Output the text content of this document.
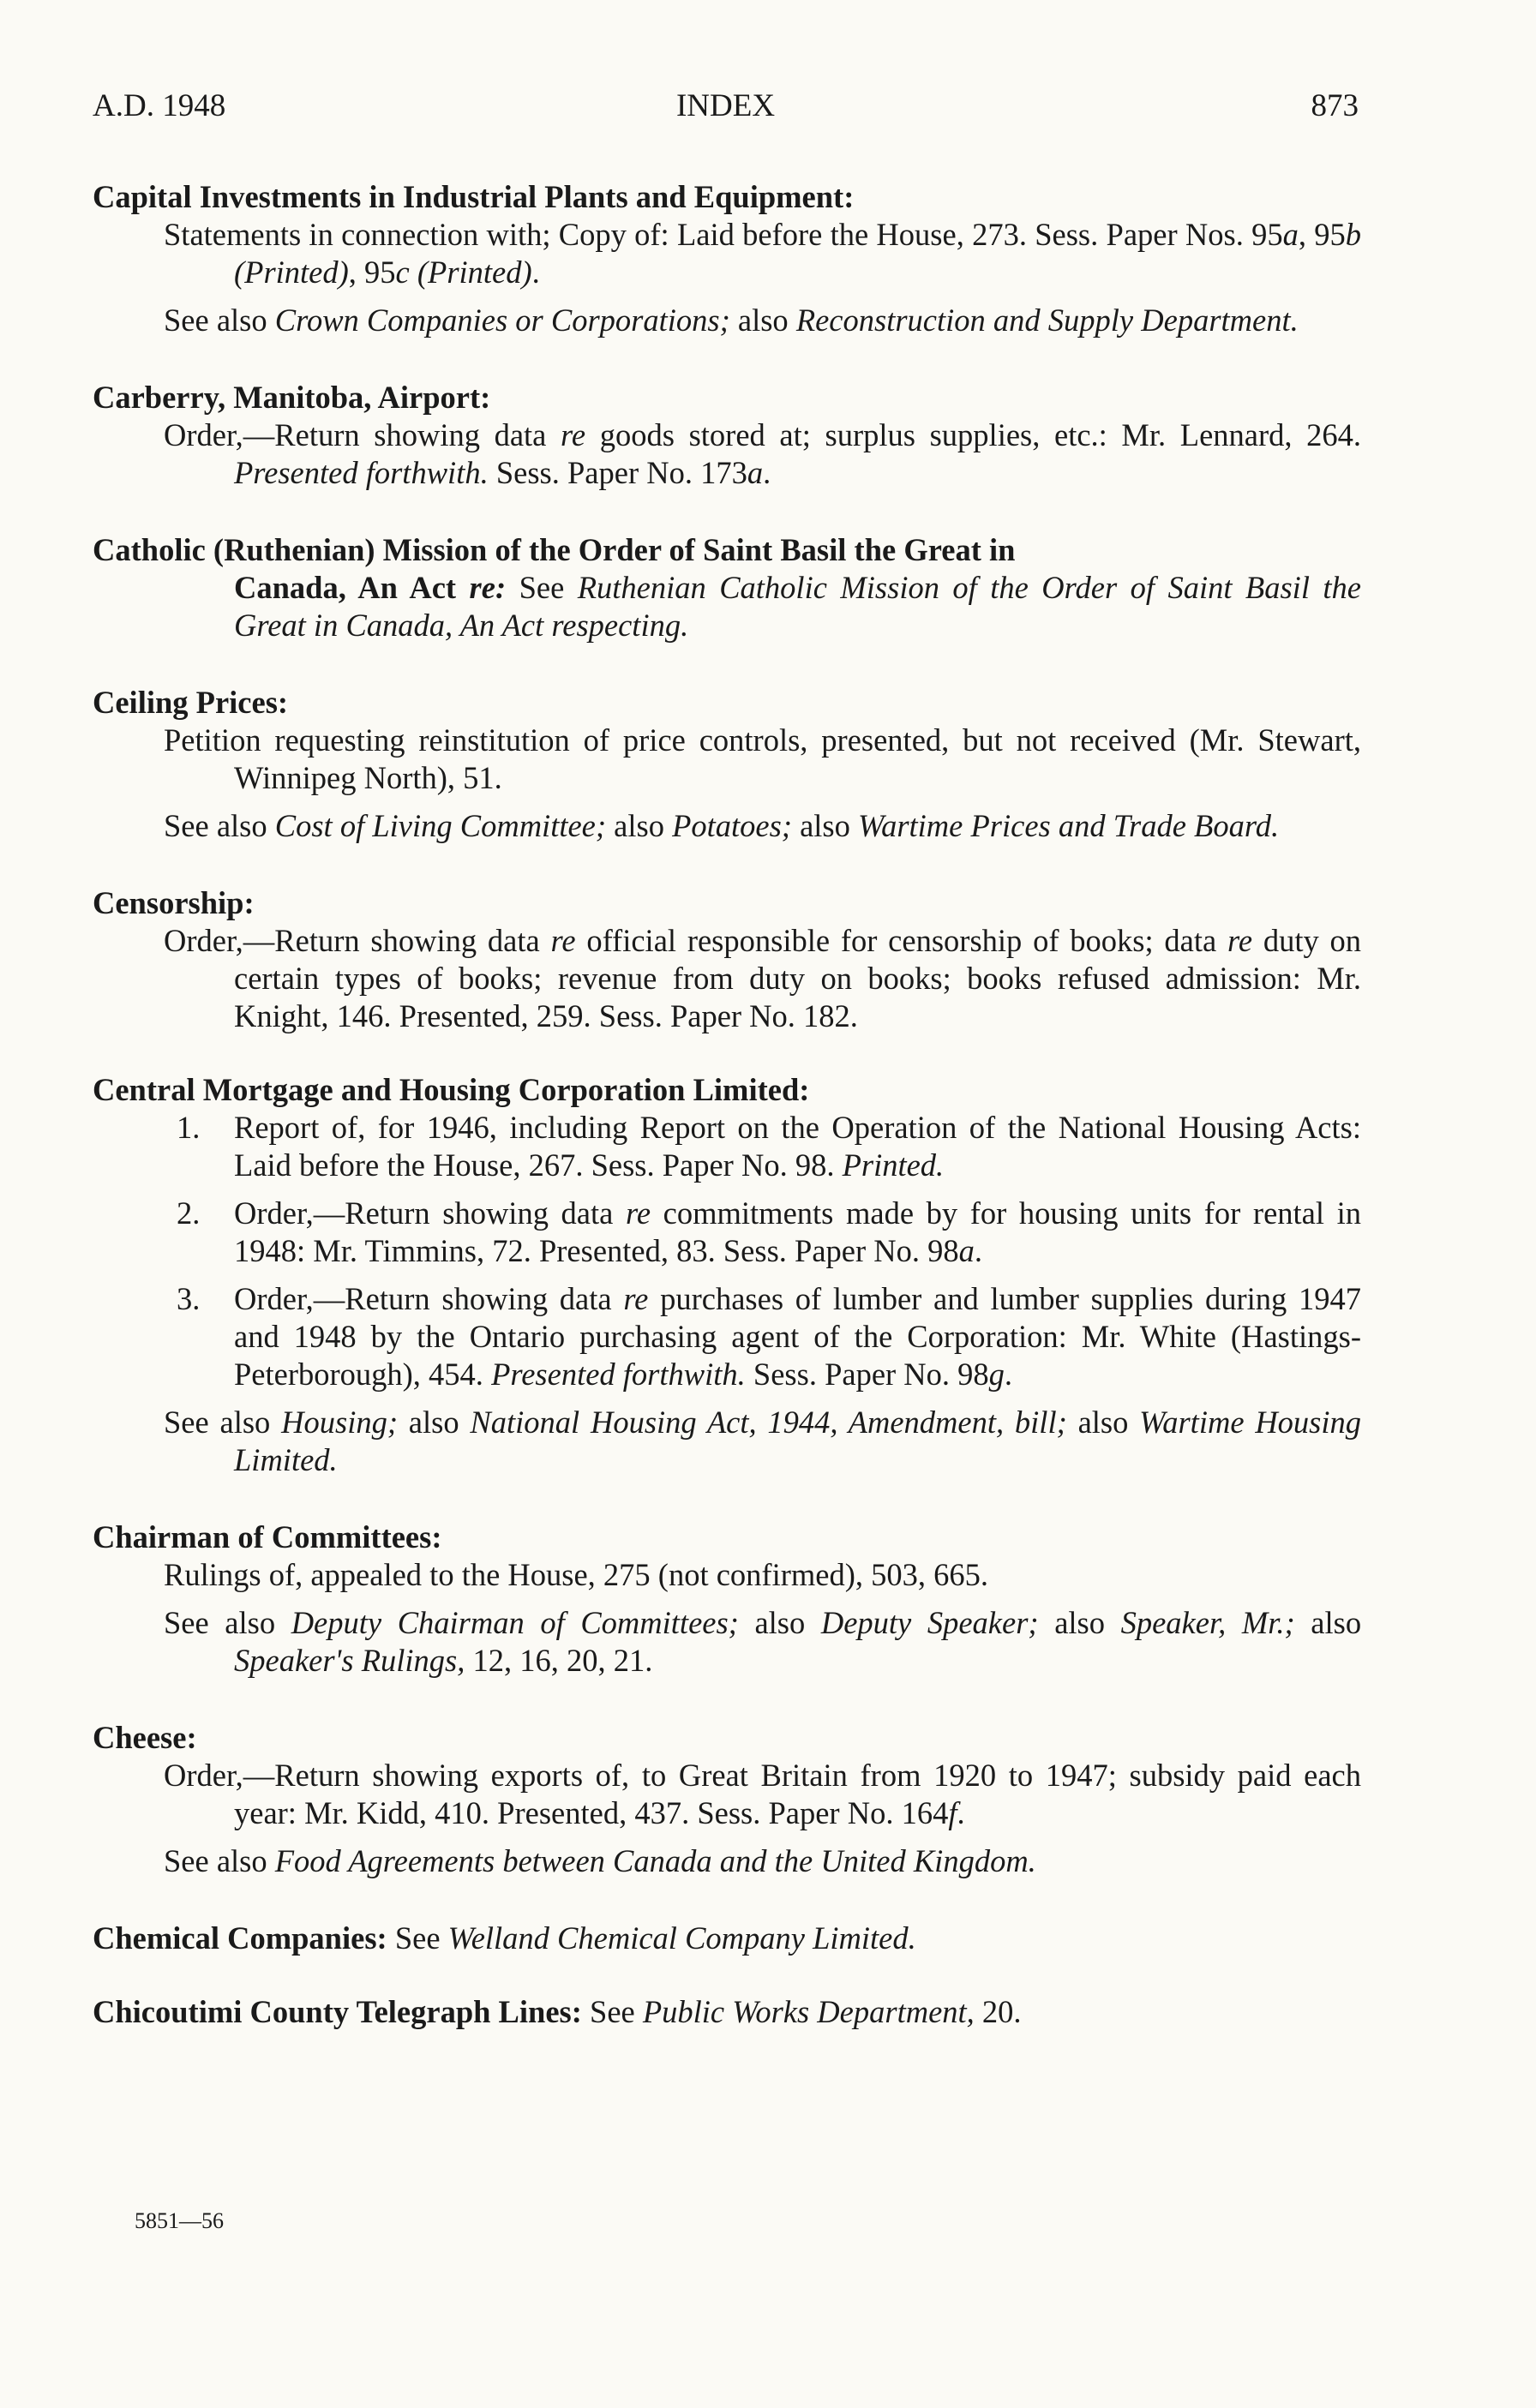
A.D. 1948	INDEX	873
Capital Investments in Industrial Plants and Equipment:

Statements in connection with; Copy of: Laid before the House, 273. Sess. Paper Nos. 95a, 95b (Printed), 95c (Printed).

See also Crown Companies or Corporations; also Reconstruction and Supply Department.

Carberry, Manitoba, Airport:

Order,—Return showing data re goods stored at; surplus supplies, etc.: Mr. Lennard, 264. Presented forthwith. Sess. Paper No. 173a.

Catholic (Ruthenian) Mission of the Order of Saint Basil the Great in
Canada, An Act re: See Ruthenian Catholic Mission of the Order of Saint Basil the Great in Canada, An Act respecting.
Ceiling Prices:

Petition requesting reinstitution of price controls, presented, but not received (Mr. Stewart, Winnipeg North), 51.

See also Cost of Living Committee; also Potatoes; also Wartime Prices and Trade Board.

Censorship:

Order,—Return showing data re official responsible for censorship of books; data re duty on certain types of books; revenue from duty on books; books refused admission: Mr. Knight, 146. Presented, 259. Sess. Paper No. 182.

Central Mortgage and Housing Corporation Limited:
1. Report of, for 1946, including Report on the Operation of the National Housing Acts: Laid before the House, 267. Sess. Paper No. 98. Printed.
2. Order,—Return showing data re commitments made by for housing units for rental in 1948: Mr. Timmins, 72. Presented, 83. Sess. Paper No. 98a.
3. Order,—Return showing data re purchases of lumber and lumber supplies during 1947 and 1948 by the Ontario purchasing agent of the Corporation: Mr. White (Hastings-Peterborough), 454. Presented forthwith. Sess. Paper No. 98g.

See also Housing; also National Housing Act, 1944, Amendment, bill; also Wartime Housing Limited.

Chairman of Committees:

Rulings of, appealed to the House, 275 (not confirmed), 503, 665.

See also Deputy Chairman of Committees; also Deputy Speaker; also Speaker, Mr.; also Speaker's Rulings, 12, 16, 20, 21.

Cheese:

Order,—Return showing exports of, to Great Britain from 1920 to 1947; subsidy paid each year: Mr. Kidd, 410. Presented, 437. Sess. Paper No. 164f.

See also Food Agreements between Canada and the United Kingdom.

Chemical Companies: See Welland Chemical Company Limited.
Chicoutimi County Telegraph Lines: See Public Works Department, 20.
5851—56
